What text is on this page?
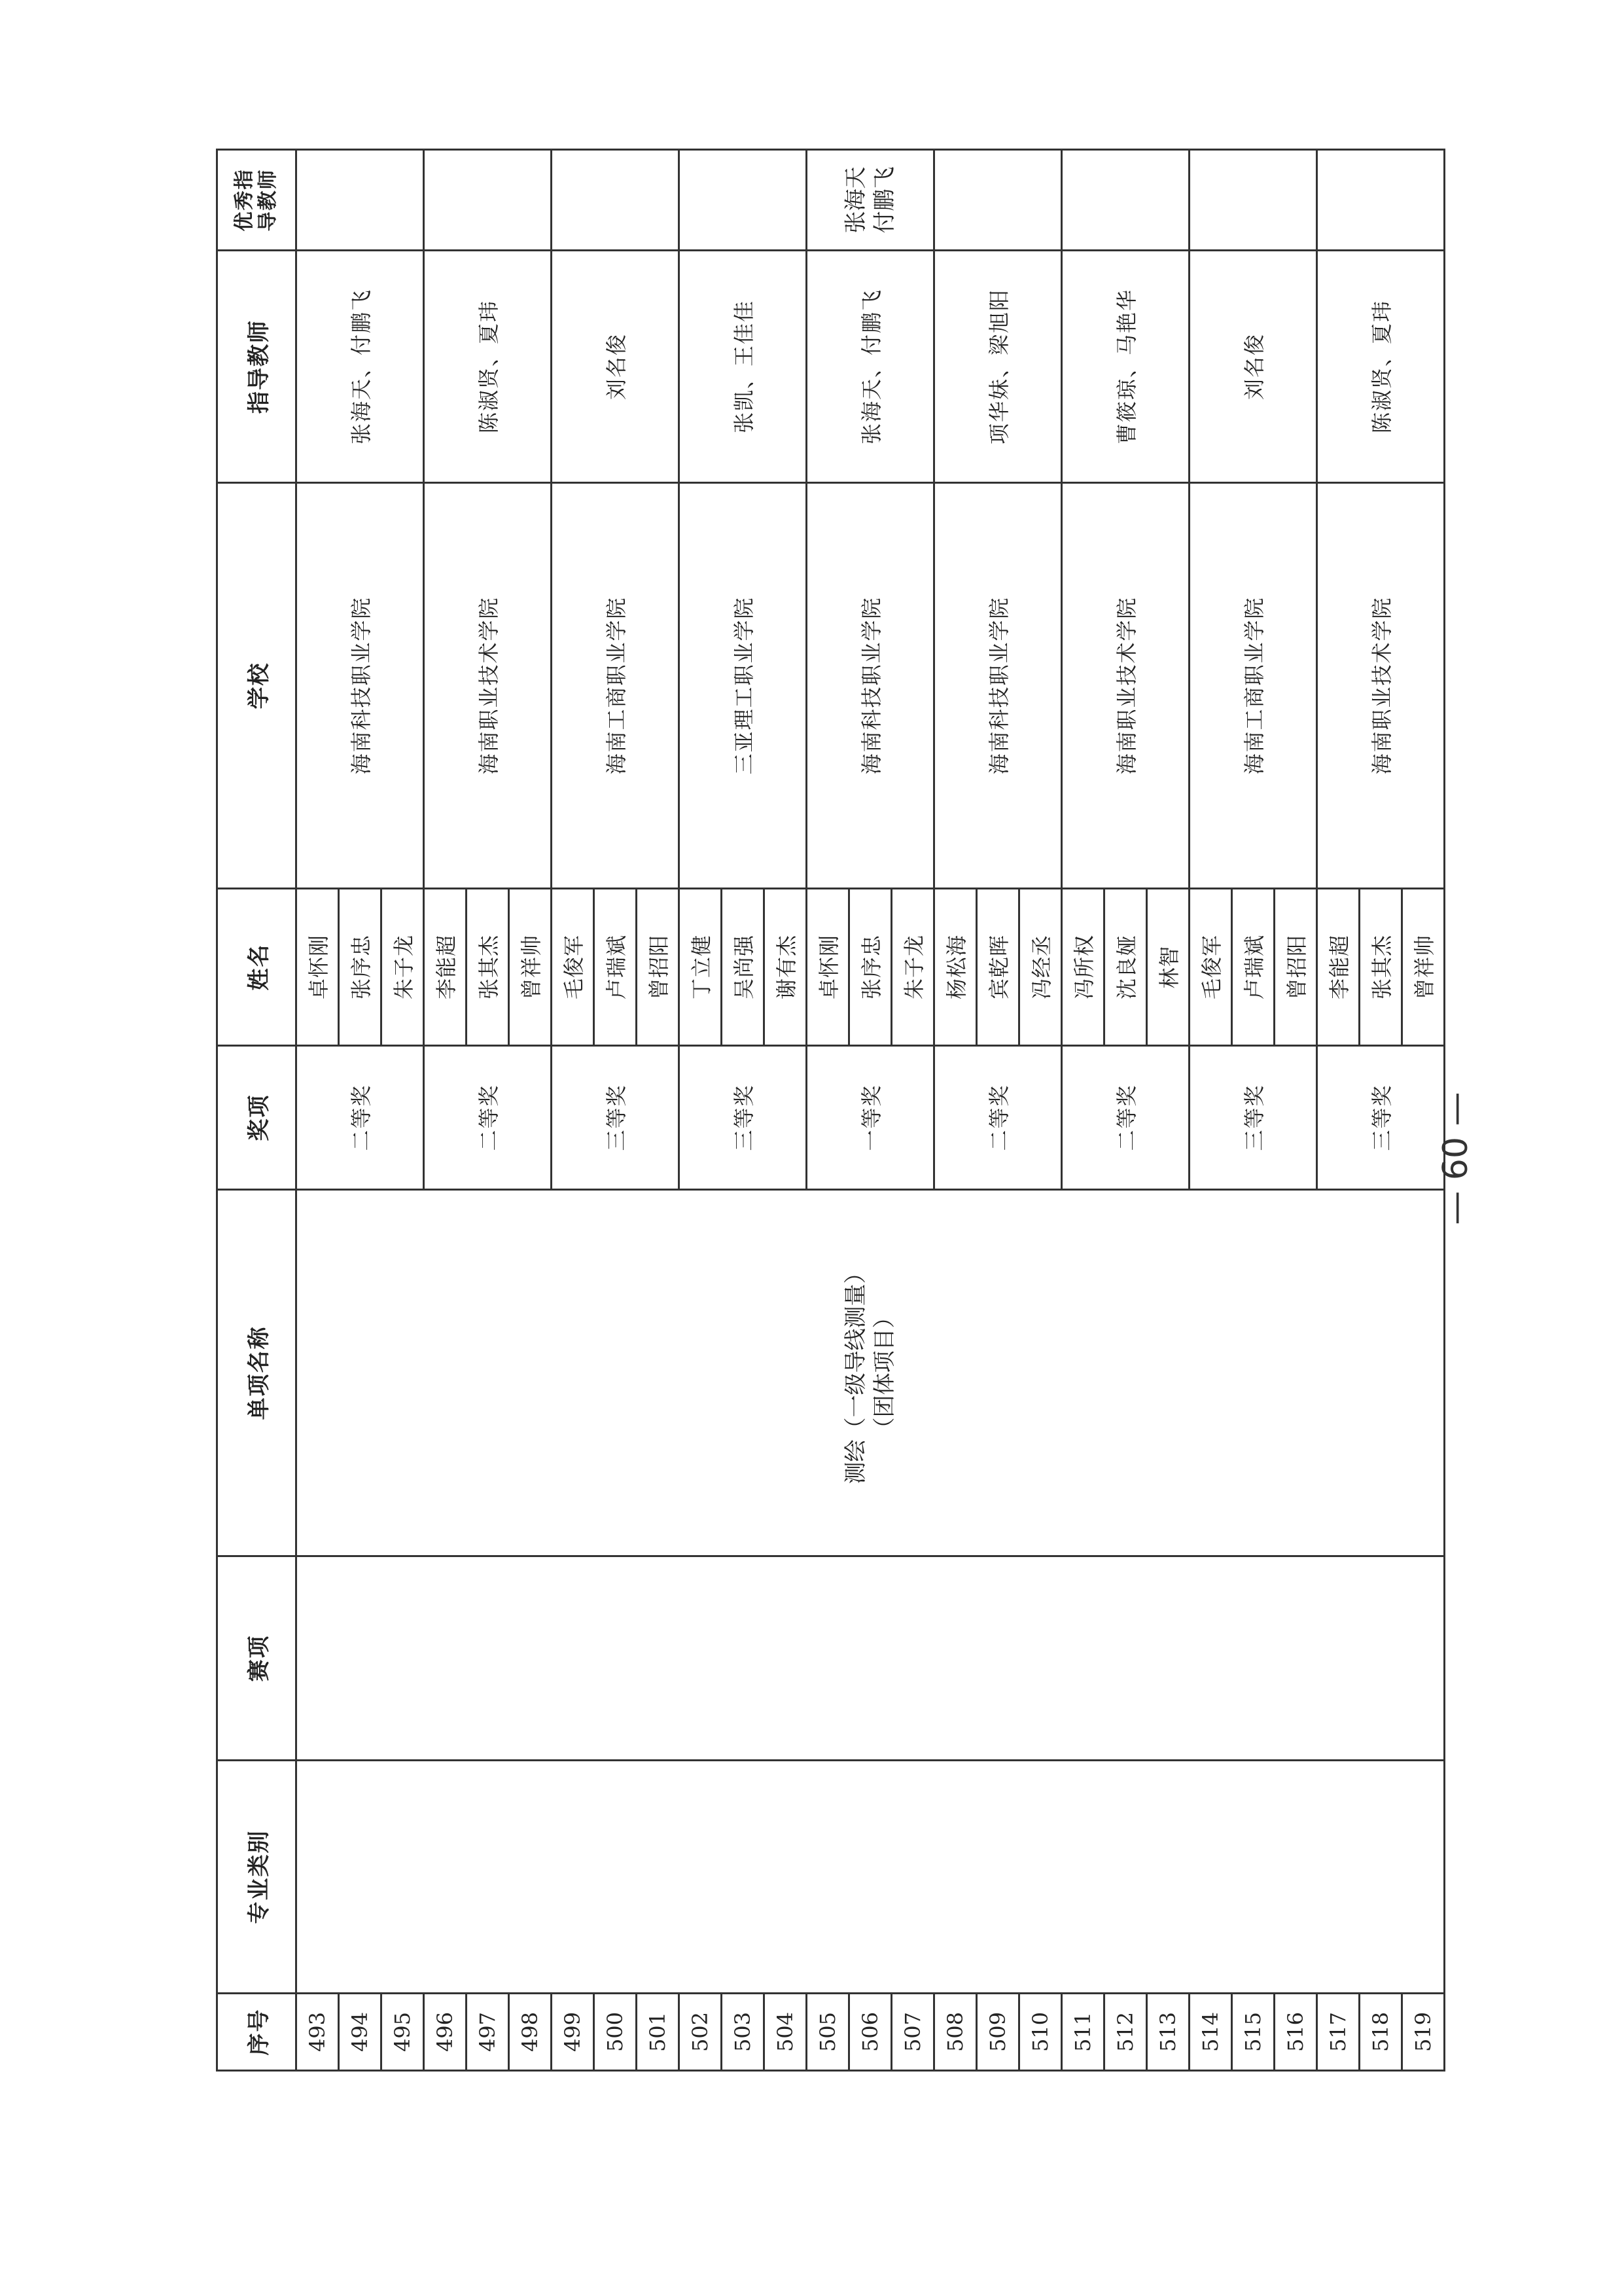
序号	专业类别	赛项	单项名称	奖项	姓名	学校	指导教师	优秀指导教师
493			测绘（一级导线测量） （团体项目）	二等奖	卓怀刚	海南科技职业学院	张海天、付鹏飞	

494					张序忠			
495					朱子龙			
496				二等奖	李能超	海南职业技术学院	陈淑贤、夏玮	

497					张其杰			
498					曾祥帅			
499				三等奖	毛俊军	海南工商职业学院	刘名俊	

500					卢瑞斌			
501					曾招阳			
502				三等奖	丁立健	三亚理工职业学院	张凯、王佳佳	

503					吴尚强			
504					谢有杰			
505				一等奖	卓怀刚	海南科技职业学院	张海天、付鹏飞	张海天 付鹏飞

506					张序忠			
507					朱子龙			
508				二等奖	杨松海	海南科技职业学院	项华妹、梁旭阳	

509					宾乾晖			
510					冯经丞			
511				二等奖	冯所权	海南职业技术学院	曹筱琼、马艳华	

512					沈良娅			
513					林智			
514				三等奖	毛俊军	海南工商职业学院	刘名俊	

515					卢瑞斌			
516					曾招阳			
517				三等奖	李能超	海南职业技术学院	陈淑贤、夏玮	

518					张其杰			
519					曾祥帅			
— 60 —
